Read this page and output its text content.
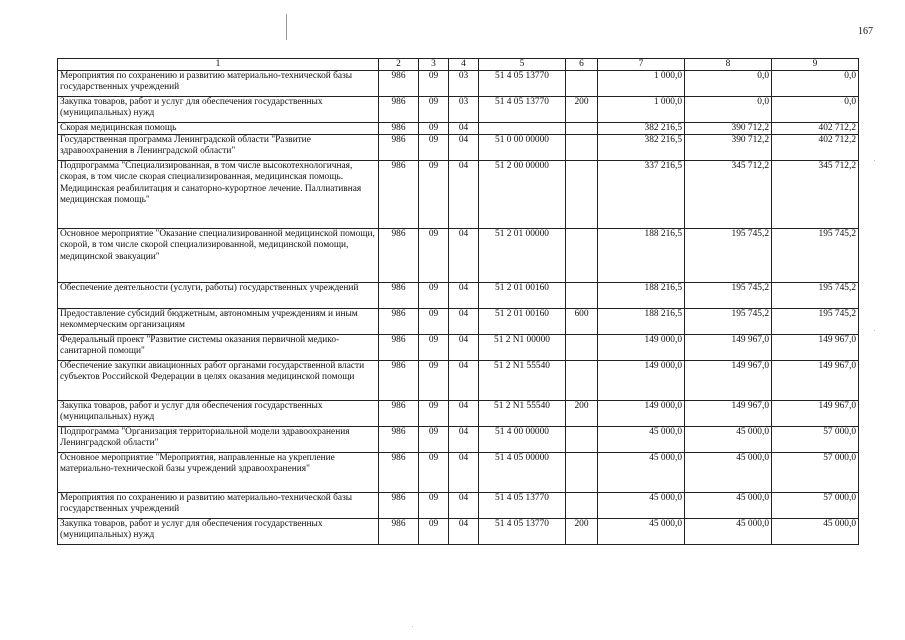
167
1	2	3	4	5	6	7	8	9
Мероприятия по сохранению и развитию материально-технической базы государственных учреждений	986	09	03	51 4 05 13770		1 000,0	0,0	0,0
Закупка товаров, работ и услуг для обеспечения государственных (муниципальных) нужд	986	09	03	51 4 05 13770	200	1 000,0	0,0	0,0
Скорая медицинская помощь	986	09	04			382 216,5	390 712,2	402 712,2
Государственная программа Ленинградской области "Развитие здравоохранения в Ленинградской области"	986	09	04	51 0 00 00000		382 216,5	390 712,2	402 712,2
Подпрограмма "Специализированная, в том числе высокотехнологичная, скорая, в том числе скорая специализированная, медицинская помощь. Медицинская реабилитация и санаторно-курортное лечение. Паллиативная медицинская помощь"	986	09	04	51 2 00 00000		337 216,5	345 712,2	345 712,2
Основное мероприятие "Оказание специализированной медицинской помощи, скорой, в том числе скорой специализированной, медицинской помощи, медицинской эвакуации"	986	09	04	51 2 01 00000		188 216,5	195 745,2	195 745,2
Обеспечение деятельности (услуги, работы) государственных учреждений	986	09	04	51 2 01 00160		188 216,5	195 745,2	195 745,2
Предоставление субсидий бюджетным, автономным учреждениям и иным некоммерческим организациям	986	09	04	51 2 01 00160	600	188 216,5	195 745,2	195 745,2
Федеральный проект "Развитие системы оказания первичной медико-санитарной помощи"	986	09	04	51 2 N1 00000		149 000,0	149 967,0	149 967,0
Обеспечение закупки авиационных работ органами государственной власти субъектов Российской Федерации в целях оказания медицинской помощи	986	09	04	51 2 N1 55540		149 000,0	149 967,0	149 967,0
Закупка товаров, работ и услуг для обеспечения государственных (муниципальных) нужд	986	09	04	51 2 N1 55540	200	149 000,0	149 967,0	149 967,0
Подпрограмма "Организация территориальной модели здравоохранения Ленинградской области"	986	09	04	51 4 00 00000		45 000,0	45 000,0	57 000,0
Основное мероприятие "Мероприятия, направленные на укрепление материально-технической базы учреждений здравоохранения"	986	09	04	51 4 05 00000		45 000,0	45 000,0	57 000,0
Мероприятия по сохранению и развитию материально-технической базы государственных учреждений	986	09	04	51 4 05 13770		45 000,0	45 000,0	57 000,0
Закупка товаров, работ и услуг для обеспечения государственных (муниципальных) нужд	986	09	04	51 4 05 13770	200	45 000,0	45 000,0	45 000,0
